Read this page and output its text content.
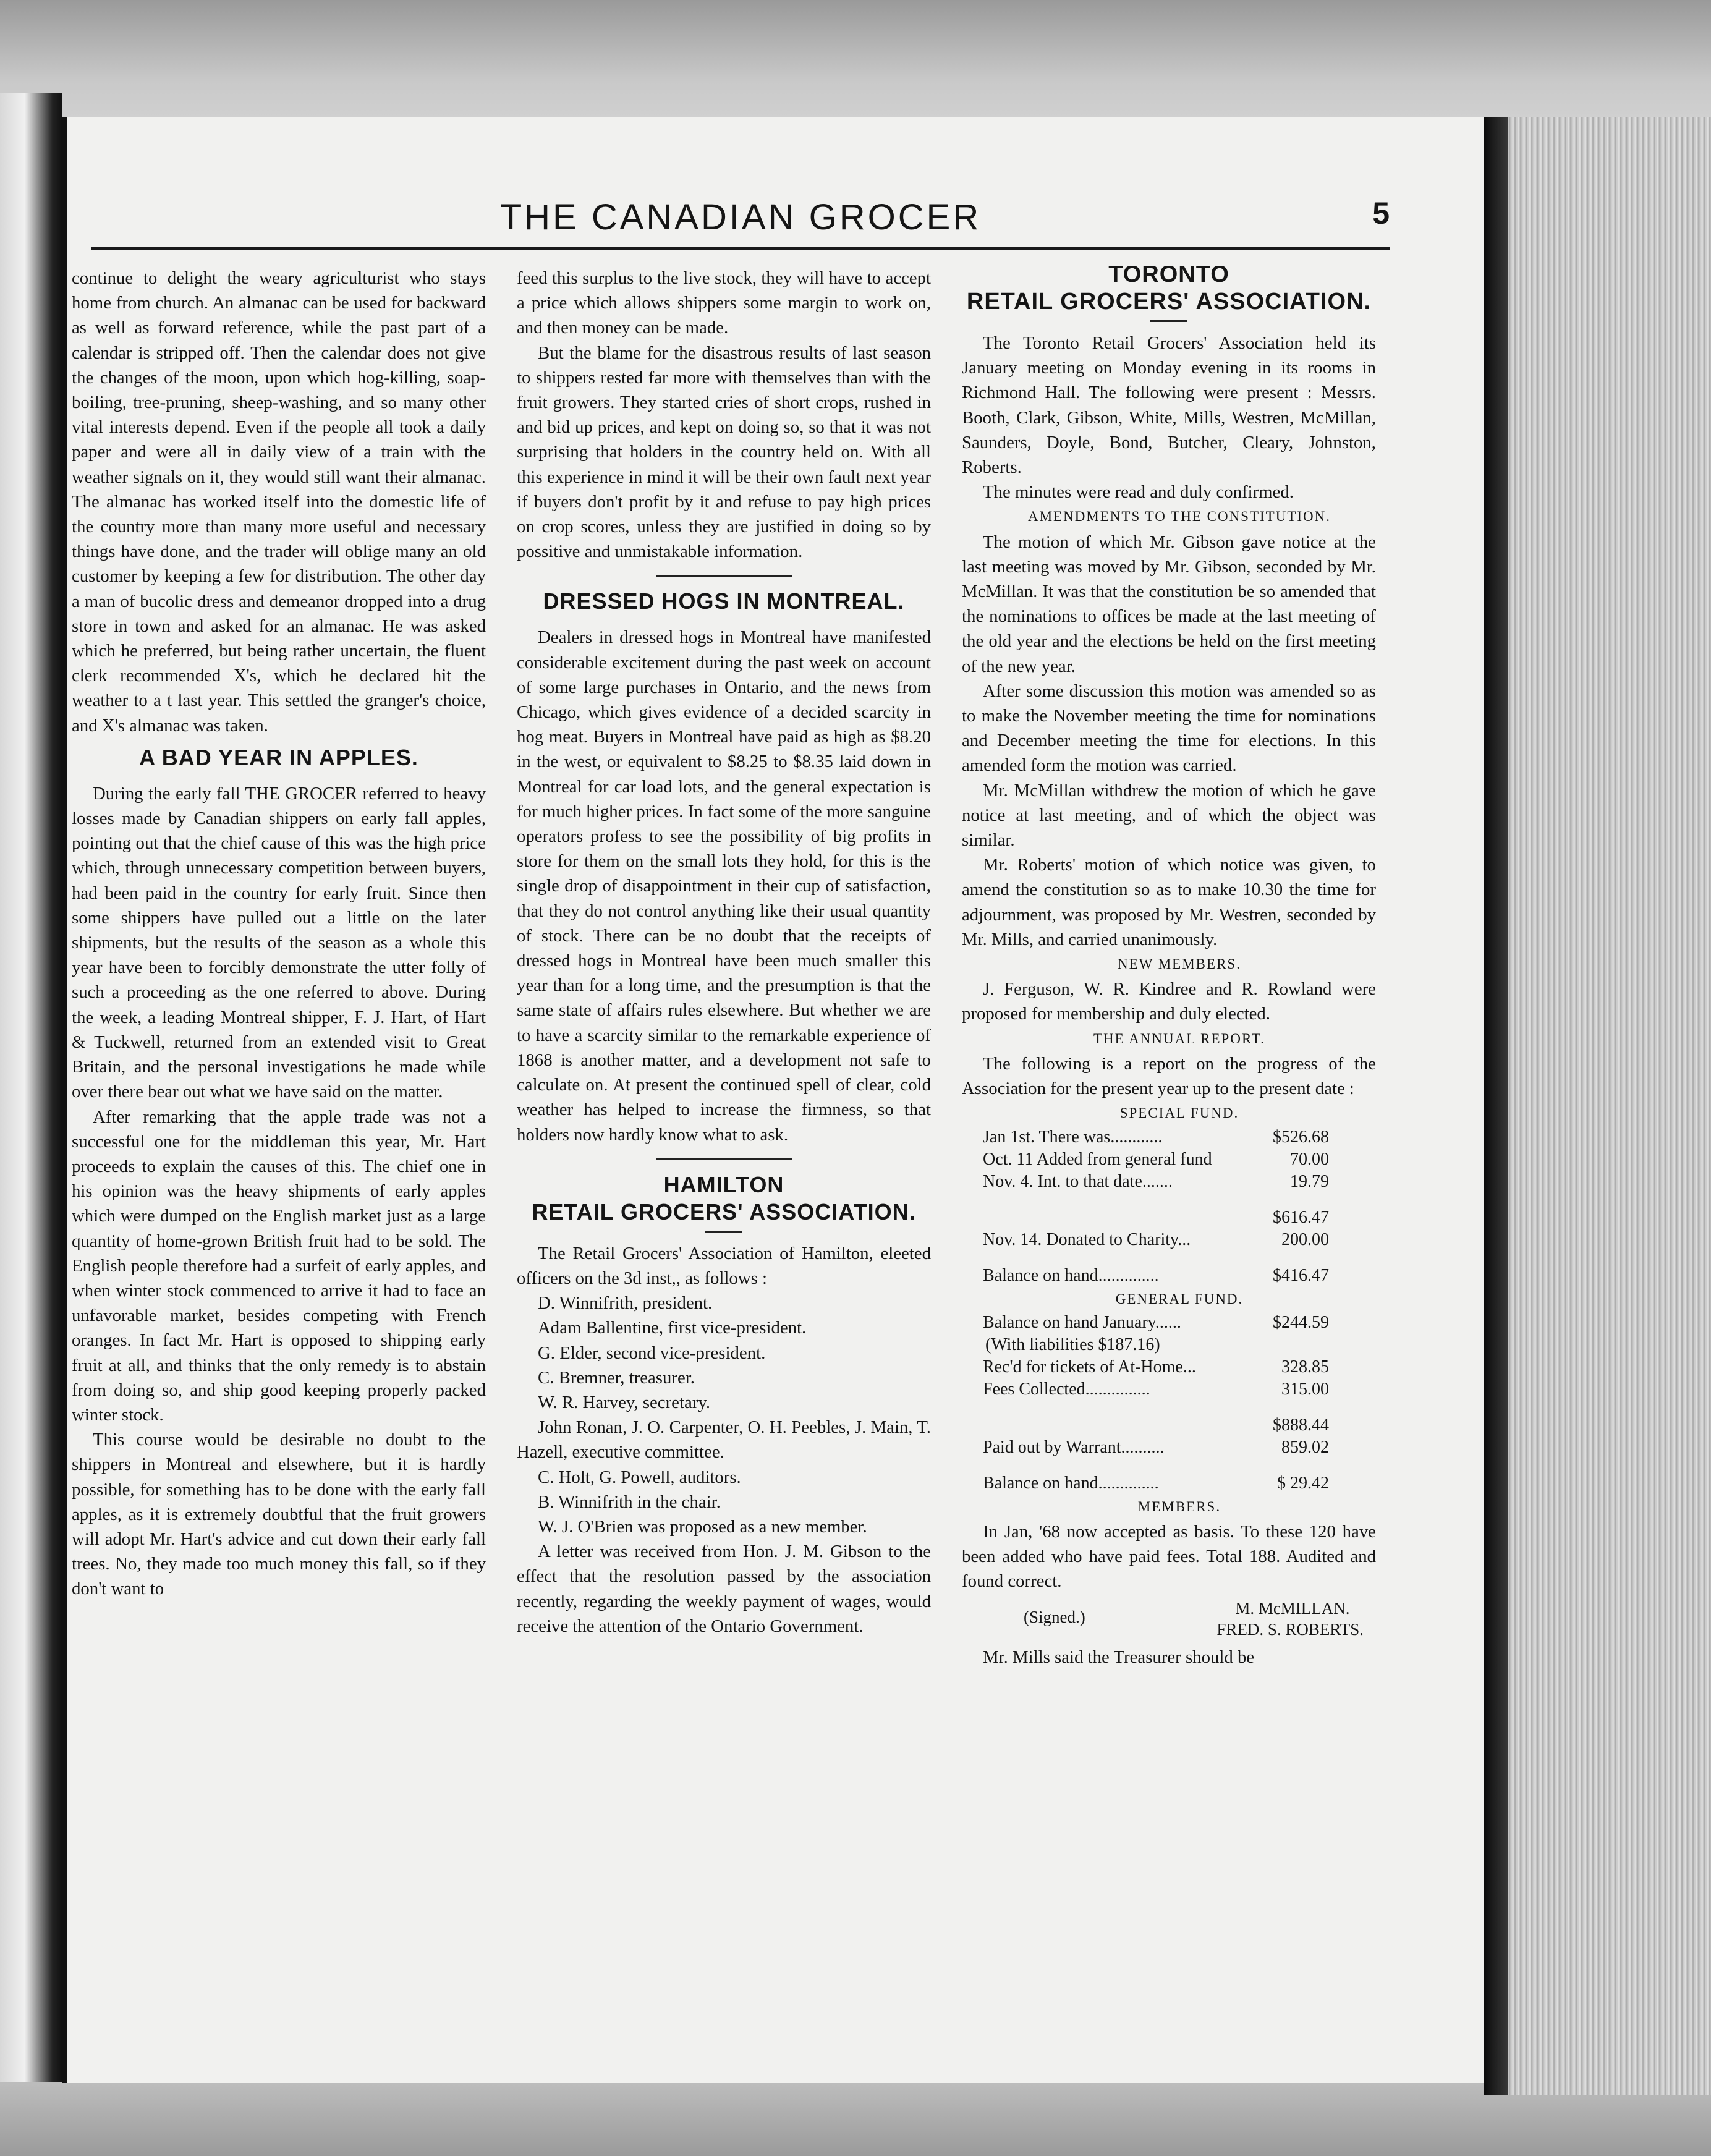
THE CANADIAN GROCER	5

continue to delight the weary agriculturist who stays home from church. An almanac can be used for backward as well as forward reference, while the past part of a calendar is stripped off. Then the calendar does not give the changes of the moon, upon which hog-killing, soap-boiling, tree-pruning, sheep-washing, and so many other vital interests depend. Even if the people all took a daily paper and were all in daily view of a train with the weather signals on it, they would still want their almanac. The almanac has worked itself into the domestic life of the country more than many more useful and necessary things have done, and the trader will oblige many an old customer by keeping a few for distribution. The other day a man of bucolic dress and demeanor dropped into a drug store in town and asked for an almanac. He was asked which he preferred, but being rather uncertain, the fluent clerk recommended X's, which he declared hit the weather to a t last year. This settled the granger's choice, and X's almanac was taken.

A BAD YEAR IN APPLES.

During the early fall THE GROCER referred to heavy losses made by Canadian shippers on early fall apples, pointing out that the chief cause of this was the high price which, through unnecessary competition between buyers, had been paid in the country for early fruit. Since then some shippers have pulled out a little on the later shipments, but the results of the season as a whole this year have been to forcibly demonstrate the utter folly of such a proceeding as the one referred to above. During the week, a leading Montreal shipper, F. J. Hart, of Hart & Tuckwell, returned from an extended visit to Great Britain, and the personal investigations he made while over there bear out what we have said on the matter.

After remarking that the apple trade was not a successful one for the middleman this year, Mr. Hart proceeds to explain the causes of this. The chief one in his opinion was the heavy shipments of early apples which were dumped on the English market just as a large quantity of home-grown British fruit had to be sold. The English people therefore had a surfeit of early apples, and when winter stock commenced to arrive it had to face an unfavorable market, besides competing with French oranges. In fact Mr. Hart is opposed to shipping early fruit at all, and thinks that the only remedy is to abstain from doing so, and ship good keeping properly packed winter stock.

This course would be desirable no doubt to the shippers in Montreal and elsewhere, but it is hardly possible, for something has to be done with the early fall apples, as it is extremely doubtful that the fruit growers will adopt Mr. Hart's advice and cut down their early fall trees. No, they made too much money this fall, so if they don't want to

feed this surplus to the live stock, they will have to accept a price which allows shippers some margin to work on, and then money can be made.

But the blame for the disastrous results of last season to shippers rested far more with themselves than with the fruit growers. They started cries of short crops, rushed in and bid up prices, and kept on doing so, so that it was not surprising that holders in the country held on. With all this experience in mind it will be their own fault next year if buyers don't profit by it and refuse to pay high prices on crop scores, unless they are justified in doing so by possitive and unmistakable information.

DRESSED HOGS IN MONTREAL.

Dealers in dressed hogs in Montreal have manifested considerable excitement during the past week on account of some large purchases in Ontario, and the news from Chicago, which gives evidence of a decided scarcity in hog meat. Buyers in Montreal have paid as high as $8.20 in the west, or equivalent to $8.25 to $8.35 laid down in Montreal for car load lots, and the general expectation is for much higher prices. In fact some of the more sanguine operators profess to see the possibility of big profits in store for them on the small lots they hold, for this is the single drop of disappointment in their cup of satisfaction, that they do not control anything like their usual quantity of stock. There can be no doubt that the receipts of dressed hogs in Montreal have been much smaller this year than for a long time, and the presumption is that the same state of affairs rules elsewhere. But whether we are to have a scarcity similar to the remarkable experience of 1868 is another matter, and a development not safe to calculate on. At present the continued spell of clear, cold weather has helped to increase the firmness, so that holders now hardly know what to ask.

HAMILTON
RETAIL GROCERS' ASSOCIATION.

The Retail Grocers' Association of Hamilton, eleeted officers on the 3d inst,, as follows :

D. Winnifrith, president.
Adam Ballentine, first vice-president.
G. Elder, second vice-president.
C. Bremner, treasurer.
W. R. Harvey, secretary.

John Ronan, J. O. Carpenter, O. H. Peebles, J. Main, T. Hazell, executive committee.

C. Holt, G. Powell, auditors.

B. Winnifrith in the chair.

W. J. O'Brien was proposed as a new member.

A letter was received from Hon. J. M. Gibson to the effect that the resolution passed by the association recently, regarding the weekly payment of wages, would receive the attention of the Ontario Government.

TORONTO
RETAIL GROCERS' ASSOCIATION.

The Toronto Retail Grocers' Association held its January meeting on Monday evening in its rooms in Richmond Hall. The following were present : Messrs. Booth, Clark, Gibson, White, Mills, Westren, McMillan, Saunders, Doyle, Bond, Butcher, Cleary, Johnston, Roberts.

The minutes were read and duly confirmed.

AMENDMENTS TO THE CONSTITUTION.

The motion of which Mr. Gibson gave notice at the last meeting was moved by Mr. Gibson, seconded by Mr. McMillan. It was that the constitution be so amended that the nominations to offices be made at the last meeting of the old year and the elections be held on the first meeting of the new year.

After some discussion this motion was amended so as to make the November meeting the time for nominations and December meeting the time for elections. In this amended form the motion was carried.

Mr. McMillan withdrew the motion of which he gave notice at last meeting, and of which the object was similar.

Mr. Roberts' motion of which notice was given, to amend the constitution so as to make 10.30 the time for adjournment, was proposed by Mr. Westren, seconded by Mr. Mills, and carried unanimously.

NEW MEMBERS.

J. Ferguson, W. R. Kindree and R. Rowland were proposed for membership and duly elected.

THE ANNUAL REPORT.

The following is a report on the progress of the Association for the present year up to the present date :

SPECIAL FUND.

Jan 1st. There was............	$526.68
Oct. 11 Added from general fund	70.00
Nov. 4. Int. to that date.......	19.79
$616.47
Nov. 14. Donated to Charity...	200.00
Balance on hand..............	$416.47

GENERAL FUND.

Balance on hand January......	$244.59
(With liabilities $187.16)
Rec'd for tickets of At-Home...	328.85
Fees Collected...............	315.00
$888.44
Paid out by Warrant..........	859.02
Balance on hand..............	$ 29.42

MEMBERS.

In Jan, '68 now accepted as basis. To these 120 have been added who have paid fees. Total 188. Audited and found correct.

(Signed.)	M. McMILLAN.
FRED. S. ROBERTS.

Mr. Mills said the Treasurer should be
